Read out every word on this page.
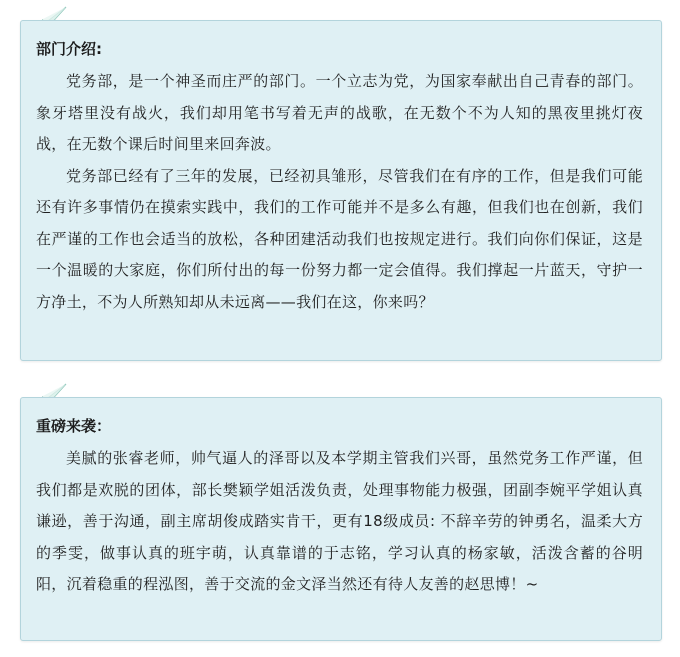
部门介绍:

党务部，是一个神圣而庄严的部门。一个立志为党，为国家奉献出自己青春的部门。象牙塔里没有战火，我们却用笔书写着无声的战歌，在无数个不为人知的黑夜里挑灯夜战，在无数个课后时间里来回奔波。

党务部已经有了三年的发展，已经初具雏形，尽管我们在有序的工作，但是我们可能还有许多事情仍在摸索实践中，我们的工作可能并不是多么有趣，但我们也在创新，我们在严谨的工作也会适当的放松，各种团建活动我们也按规定进行。我们向你们保证，这是一个温暖的大家庭，你们所付出的每一份努力都一定会值得。我们撑起一片蓝天，守护一方净土，不为人所熟知却从未远离——我们在这，你来吗？

重磅来袭：

美腻的张睿老师，帅气逼人的泽哥以及本学期主管我们兴哥，虽然党务工作严谨，但我们都是欢脱的团体，部长樊颖学姐活泼负责，处理事物能力极强，团副李婉平学姐认真谦逊，善于沟通，副主席胡俊成踏实肯干，更有18级成员: 不辞辛劳的钟勇名，温柔大方的季雯，做事认真的班宇萌，认真靠谱的于志铭，学习认真的杨家敏，活泼含蓄的谷明阳，沉着稳重的程泓图，善于交流的金文泽当然还有待人友善的赵思博！~
